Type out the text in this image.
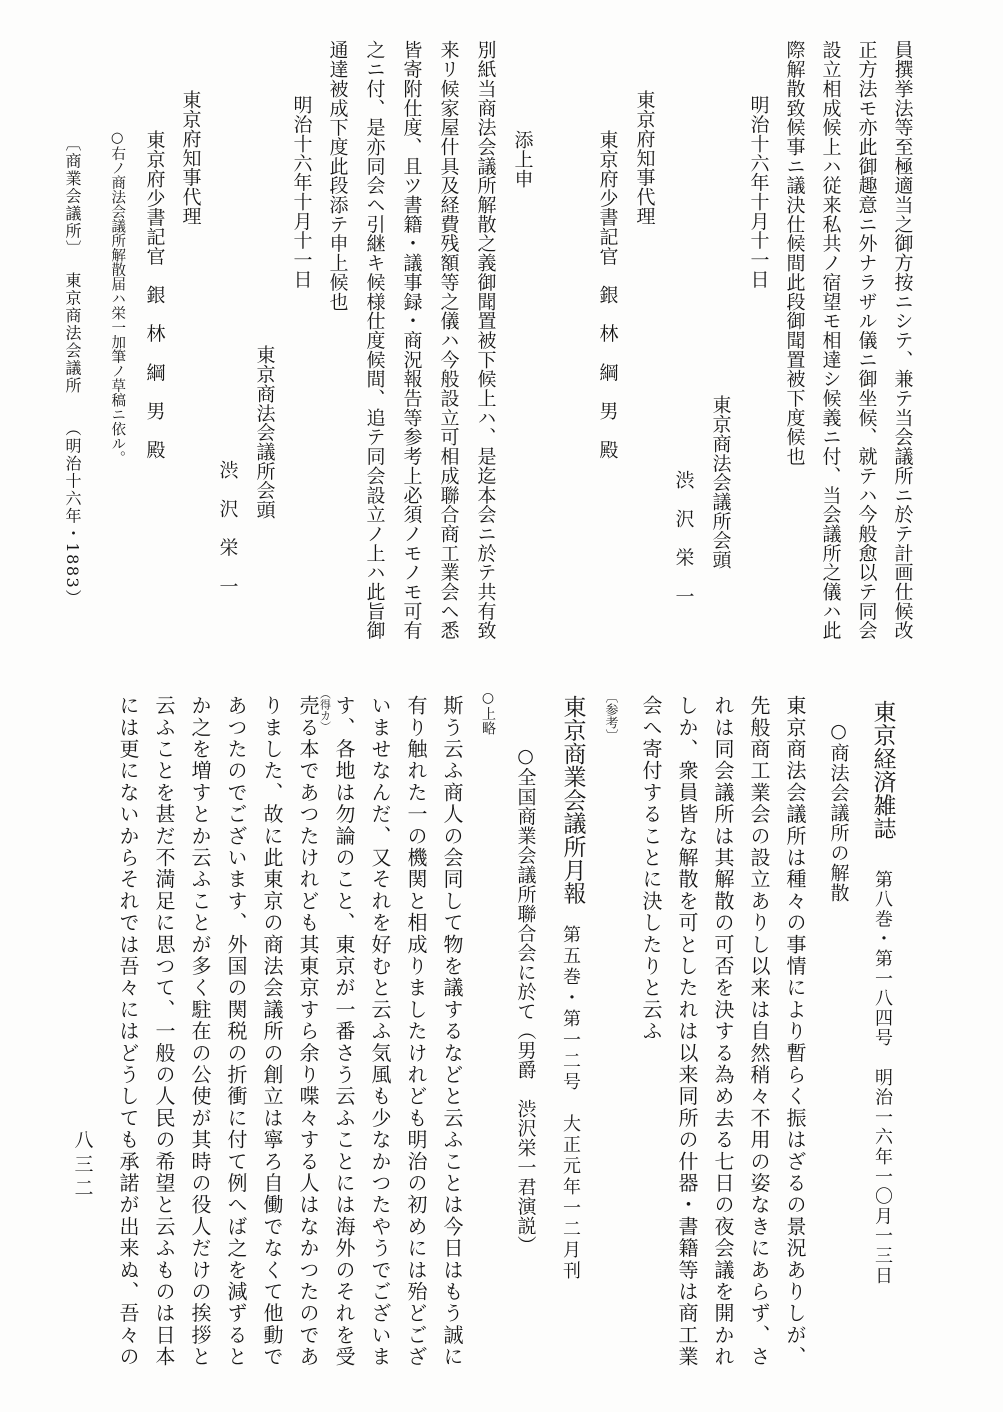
員撰挙法等至極適当之御方按ニシテ、兼テ当会議所ニ於テ計画仕候改
正方法モ亦此御趣意ニ外ナラザル儀ニ御坐候、就テハ今般愈以テ同会
設立相成候上ハ従来私共ノ宿望モ相達シ候義ニ付、当会議所之儀ハ此
際解散致候事ニ議決仕候間此段御聞置被下度候也
明治十六年十月十一日
東京商法会議所会頭
渋　沢　栄　一
東京府知事代理
東京府少書記官　銀　林　綱　男　殿
添上申
別紙当商法会議所解散之義御聞置被下候上ハ、是迄本会ニ於テ共有致
来リ候家屋什具及経費残額等之儀ハ今般設立可相成聯合商工業会ヘ悉
皆寄附仕度、且ツ書籍・議事録・商況報告等参考上必須ノモノモ可有
之ニ付、是亦同会ヘ引継キ候様仕度候間、追テ同会設立ノ上ハ此旨御
通達被成下度此段添テ申上候也
明治十六年十月十一日
東京商法会議所会頭
渋　沢　栄　一
東京府知事代理
東京府少書記官　銀　林　綱　男　殿
○右ノ商法会議所解散届ハ栄一加筆ノ草稿ニ依ル。
〔商業会議所〕
東京商法会議所
（明治十六年・1883）
東京経済雑誌
第八巻・第一八四号　明治一六年一〇月一三日
○商法会議所の解散
東京商法会議所は種々の事情により暫らく振はざるの景況ありしが、
先般商工業会の設立ありし以来は自然稍々不用の姿なきにあらず、さ
れは同会議所は其解散の可否を決する為め去る七日の夜会議を開かれ
しか、衆員皆な解散を可としたれは以来同所の什器・書籍等は商工業
会へ寄付することに決したりと云ふ
〔参考〕
東京商業会議所月報
第五巻・第一二号　大正元年一二月刊
○全国商業会議所聯合会に於て（男爵　渋沢栄一君演説）
○上略
斯う云ふ商人の会同して物を議するなどと云ふことは今日はもう誠に
有り触れた一の機関と相成りましたけれども明治の初めには殆どござ
いませなんだ、又それを好むと云ふ気風も少なかつたやうでございま
す、各地は勿論のこと、東京が一番さう云ふことには海外のそれを受
（得カ）
売る本であつたけれども其東京すら余り喋々する人はなかつたのであ
りました、故に此東京の商法会議所の創立は寧ろ自働でなくて他動で
あつたのでございます、外国の関税の折衝に付て例へば之を減ずると
か之を増すとか云ふことが多く駐在の公使が其時の役人だけの挨拶と
云ふことを甚だ不満足に思つて、一般の人民の希望と云ふものは日本
には更にないからそれでは吾々にはどうしても承諾が出来ぬ、吾々の
八三二
